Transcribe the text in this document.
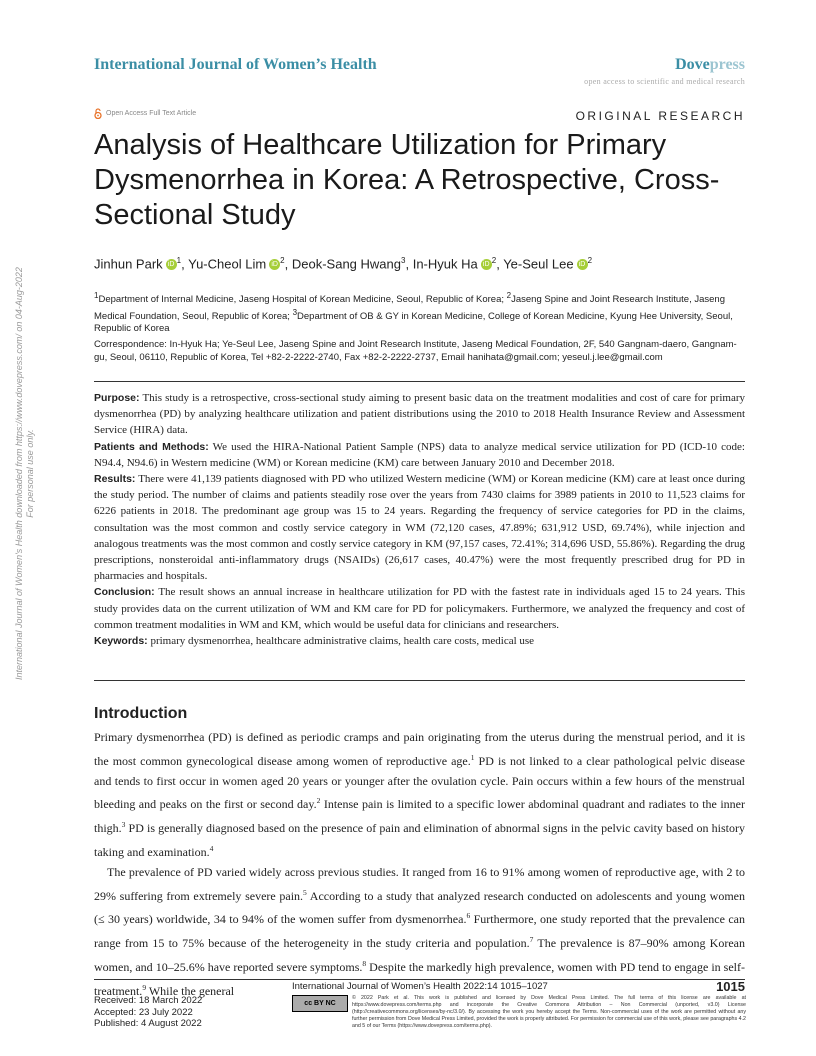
International Journal of Women’s Health	Dovepress
open access to scientific and medical research
Open Access Full Text Article	ORIGINAL RESEARCH
Analysis of Healthcare Utilization for Primary Dysmenorrhea in Korea: A Retrospective, Cross-Sectional Study
Jinhun Park iD $^1$, Yu-Cheol Lim iD $^2$, Deok-Sang Hwang$^3$, In-Hyuk Ha iD $^2$, Ye-Seul Lee iD $^2$
$^1$Department of Internal Medicine, Jaseng Hospital of Korean Medicine, Seoul, Republic of Korea; $^2$Jaseng Spine and Joint Research Institute, Jaseng Medical Foundation, Seoul, Republic of Korea; $^3$Department of OB & GY in Korean Medicine, College of Korean Medicine, Kyung Hee University, Seoul, Republic of Korea
Correspondence: In-Hyuk Ha; Ye-Seul Lee, Jaseng Spine and Joint Research Institute, Jaseng Medical Foundation, 2F, 540 Gangnam-daero, Gangnam-gu, Seoul, 06110, Republic of Korea, Tel +82-2-2222-2740, Fax +82-2-2222-2737, Email hanihata@gmail.com; yeseul.j.lee@gmail.com

Purpose: This study is a retrospective, cross-sectional study aiming to present basic data on the treatment modalities and cost of care for primary dysmenorrhea (PD) by analyzing healthcare utilization and patient distributions using the 2010 to 2018 Health Insurance Review and Assessment Service (HIRA) data.

Patients and Methods: We used the HIRA-National Patient Sample (NPS) data to analyze medical service utilization for PD (ICD-10 code: N94.4, N94.6) in Western medicine (WM) or Korean medicine (KM) care between January 2010 and December 2018.

Results: There were 41,139 patients diagnosed with PD who utilized Western medicine (WM) or Korean medicine (KM) care at least once during the study period. The number of claims and patients steadily rose over the years from 7430 claims for 3989 patients in 2010 to 11,523 claims for 6226 patients in 2018. The predominant age group was 15 to 24 years. Regarding the frequency of service categories for PD in the claims, consultation was the most common and costly service category in WM (72,120 cases, 47.89%; 631,912 USD, 69.74%), while injection and analogous treatments was the most common and costly service category in KM (97,157 cases, 72.41%; 314,696 USD, 55.86%). Regarding the drug prescriptions, nonsteroidal anti-inflammatory drugs (NSAIDs) (26,617 cases, 40.47%) were the most frequently prescribed drug for PD in pharmacies and hospitals.

Conclusion: The result shows an annual increase in healthcare utilization for PD with the fastest rate in individuals aged 15 to 24 years. This study provides data on the current utilization of WM and KM care for PD for policymakers. Furthermore, we analyzed the frequency and cost of common treatment modalities in WM and KM, which would be useful data for clinicians and researchers.

Keywords: primary dysmenorrhea, healthcare administrative claims, health care costs, medical use

Introduction

Primary dysmenorrhea (PD) is defined as periodic cramps and pain originating from the uterus during the menstrual period, and it is the most common gynecological disease among women of reproductive age.$^1$ PD is not linked to a clear pathological pelvic disease and tends to first occur in women aged 20 years or younger after the ovulation cycle. Pain occurs within a few hours of the menstrual bleeding and peaks on the first or second day.$^2$ Intense pain is limited to a specific lower abdominal quadrant and radiates to the inner thigh.$^3$ PD is generally diagnosed based on the presence of pain and elimination of abnormal signs in the pelvic cavity based on history taking and examination.$^4$

The prevalence of PD varied widely across previous studies. It ranged from 16 to 91% among women of reproductive age, with 2 to 29% suffering from extremely severe pain.$^5$ According to a study that analyzed research conducted on adolescents and young women (≤ 30 years) worldwide, 34 to 94% of the women suffer from dysmenorrhea.$^6$ Furthermore, one study reported that the prevalence can range from 15 to 75% because of the heterogeneity in the study criteria and population.$^7$ The prevalence is 87–90% among Korean women, and 10–25.6% have reported severe symptoms.$^8$ Despite the markedly high prevalence, women with PD tend to engage in self-treatment.$^9$ While the general

International Journal of Women's Health downloaded from https://www.dovepress.com/ on 04-Aug-2022 For personal use only.
International Journal of Women’s Health 2022:14 1015–1027	1015
Received: 18 March 2022
Accepted: 23 July 2022
Published: 4 August 2022
cc BY NC
© 2022 Park et al. This work is published and licensed by Dove Medical Press Limited. The full terms of this license are available at https://www.dovepress.com/terms.php and incorporate the Creative Commons Attribution – Non Commercial (unported, v3.0) License (http://creativecommons.org/licenses/by-nc/3.0/). By accessing the work you hereby accept the Terms. Non-commercial uses of the work are permitted without any further permission from Dove Medical Press Limited, provided the work is properly attributed. For permission for commercial use of this work, please see paragraphs 4.2 and 5 of our Terms (https://www.dovepress.com/terms.php).
